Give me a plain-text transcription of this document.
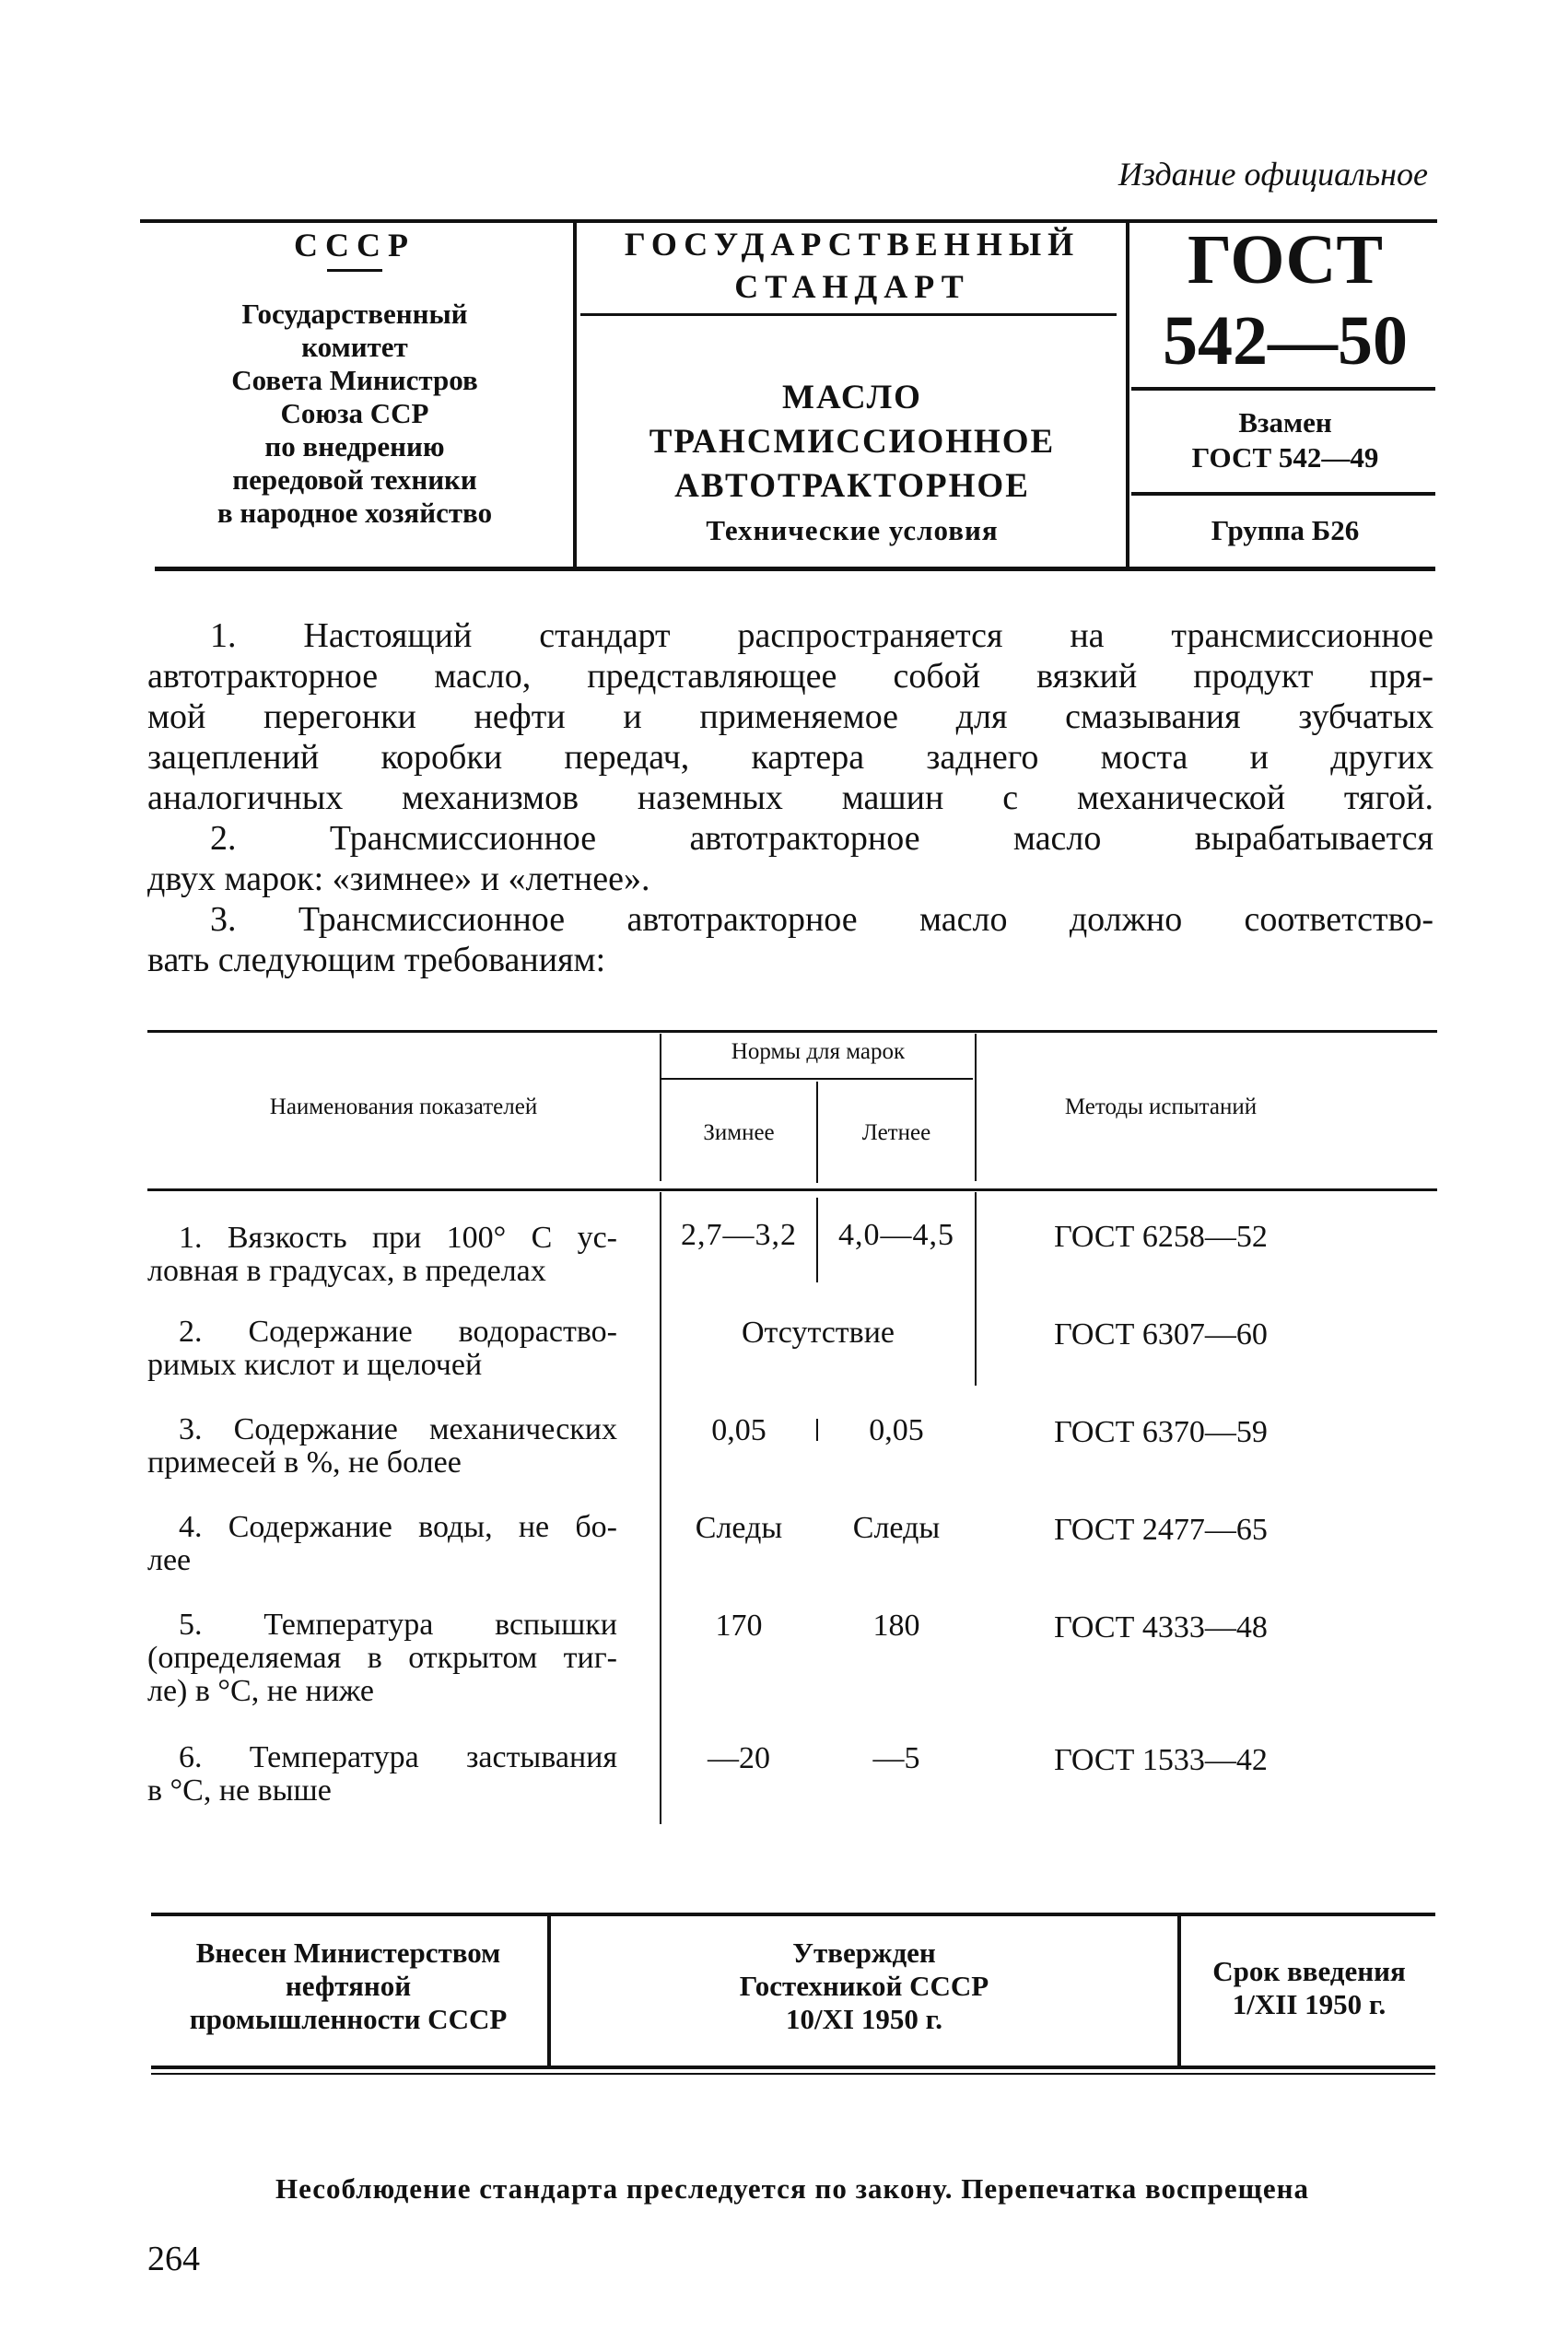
Издание официальное
СССР
Государственный
комитет
Совета Министров
Союза ССР
по внедрению
передовой техники
в народное хозяйство
ГОСУДАРСТВЕННЫЙ
СТАНДАРТ
МАСЛО ТРАНСМИССИОННОЕ
АВТОТРАКТОРНОЕ
Технические условия
ГОСТ
542—50
Взамен
ГОСТ 542—49
Группа Б26
1. Настоящий стандарт распространяется на трансмиссионное
автотракторное масло, представляющее собой вязкий продукт пря-
мой перегонки нефти и применяемое для смазывания зубчатых
зацеплений коробки передач, картера заднего моста и других
аналогичных механизмов наземных машин с механической тягой.
2. Трансмиссионное автотракторное масло вырабатывается
двух марок: «зимнее» и «летнее».
3. Трансмиссионное автотракторное масло должно соответство-
вать следующим требованиям:
Наименования показателей
Нормы для марок
Зимнее	Летнее
Методы испытаний
1. Вязкость при 100° С ус-
ловная в градусах, в пределах
2,7—3,2	4,0—4,5	ГОСТ 6258—52
2. Содержание водораство-
римых кислот и щелочей
Отсутствие	ГОСТ 6307—60
3. Содержание механических
примесей в %, не более
0,05	0,05	ГОСТ 6370—59
4. Содержание воды, не бо-
лее
Следы	Следы	ГОСТ 2477—65
5. Температура вспышки
(определяемая в открытом тиг-
ле) в °С, не ниже
170	180	ГОСТ 4333—48
6. Температура застывания
в °С, не выше
—20	—5	ГОСТ 1533—42
Внесен Министерством
нефтяной
промышленности СССР
Утвержден
Гостехникой СССР
10/XI 1950 г.
Срок введения
1/XII 1950 г.
Несоблюдение стандарта преследуется по закону. Перепечатка воспрещена
264
